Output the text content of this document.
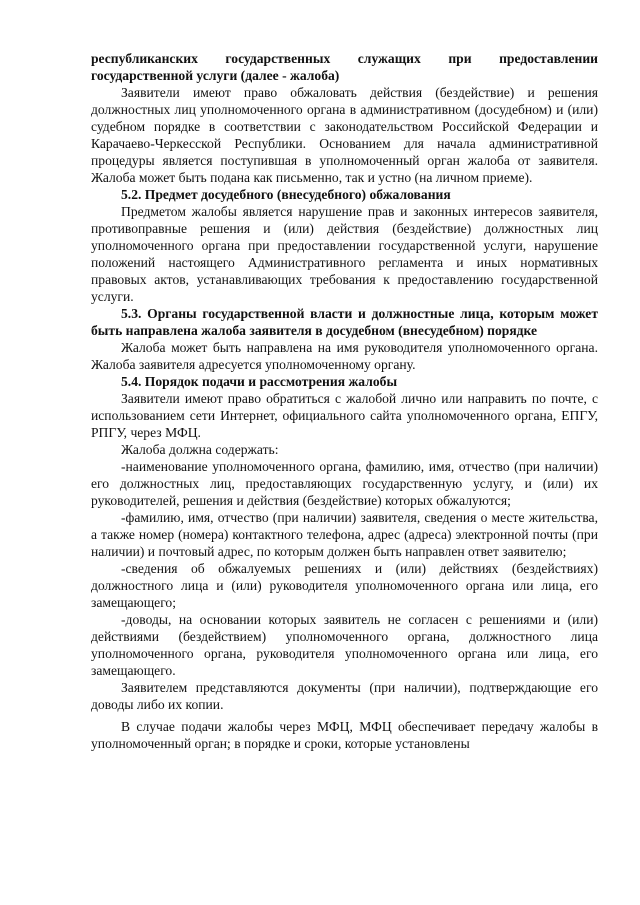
республиканских государственных служащих при предоставлении государственной услуги (далее - жалоба)

Заявители имеют право обжаловать действия (бездействие) и решения должностных лиц уполномоченного органа в административном (досудебном) и (или) судебном порядке в соответствии с законодательством Российской Федерации и Карачаево-Черкесской Республики. Основанием для начала административной процедуры является поступившая в уполномоченный орган жалоба от заявителя. Жалоба может быть подана как письменно, так и устно (на личном приеме).

5.2. Предмет досудебного (внесудебного) обжалования

Предметом жалобы является нарушение прав и законных интересов заявителя, противоправные решения и (или) действия (бездействие) должностных лиц уполномоченного органа при предоставлении государственной услуги, нарушение положений настоящего Административного регламента и иных нормативных правовых актов, устанавливающих требования к предоставлению государственной услуги.

5.3. Органы государственной власти и должностные лица, которым может быть направлена жалоба заявителя в досудебном (внесудебном) порядке

Жалоба может быть направлена на имя руководителя уполномоченного органа. Жалоба заявителя адресуется уполномоченному органу.

5.4. Порядок подачи и рассмотрения жалобы

Заявители имеют право обратиться с жалобой лично или направить по почте, с использованием сети Интернет, официального сайта уполномоченного органа, ЕПГУ, РПГУ, через МФЦ.

Жалоба должна содержать:

-наименование уполномоченного органа, фамилию, имя, отчество (при наличии) его должностных лиц, предоставляющих государственную услугу, и (или) их руководителей, решения и действия (бездействие) которых обжалуются;

-фамилию, имя, отчество (при наличии) заявителя, сведения о месте жительства, а также номер (номера) контактного телефона, адрес (адреса) электронной почты (при наличии) и почтовый адрес, по которым должен быть направлен ответ заявителю;

-сведения об обжалуемых решениях и (или) действиях (бездействиях) должностного лица и (или) руководителя уполномоченного органа или лица, его замещающего;

-доводы, на основании которых заявитель не согласен с решениями и (или) действиями (бездействием) уполномоченного органа, должностного лица уполномоченного органа, руководителя уполномоченного органа или лица, его замещающего.

Заявителем представляются документы (при наличии), подтверждающие его доводы либо их копии.

В случае подачи жалобы через МФЦ, МФЦ обеспечивает передачу жалобы в уполномоченный орган; в порядке и сроки, которые установлены
